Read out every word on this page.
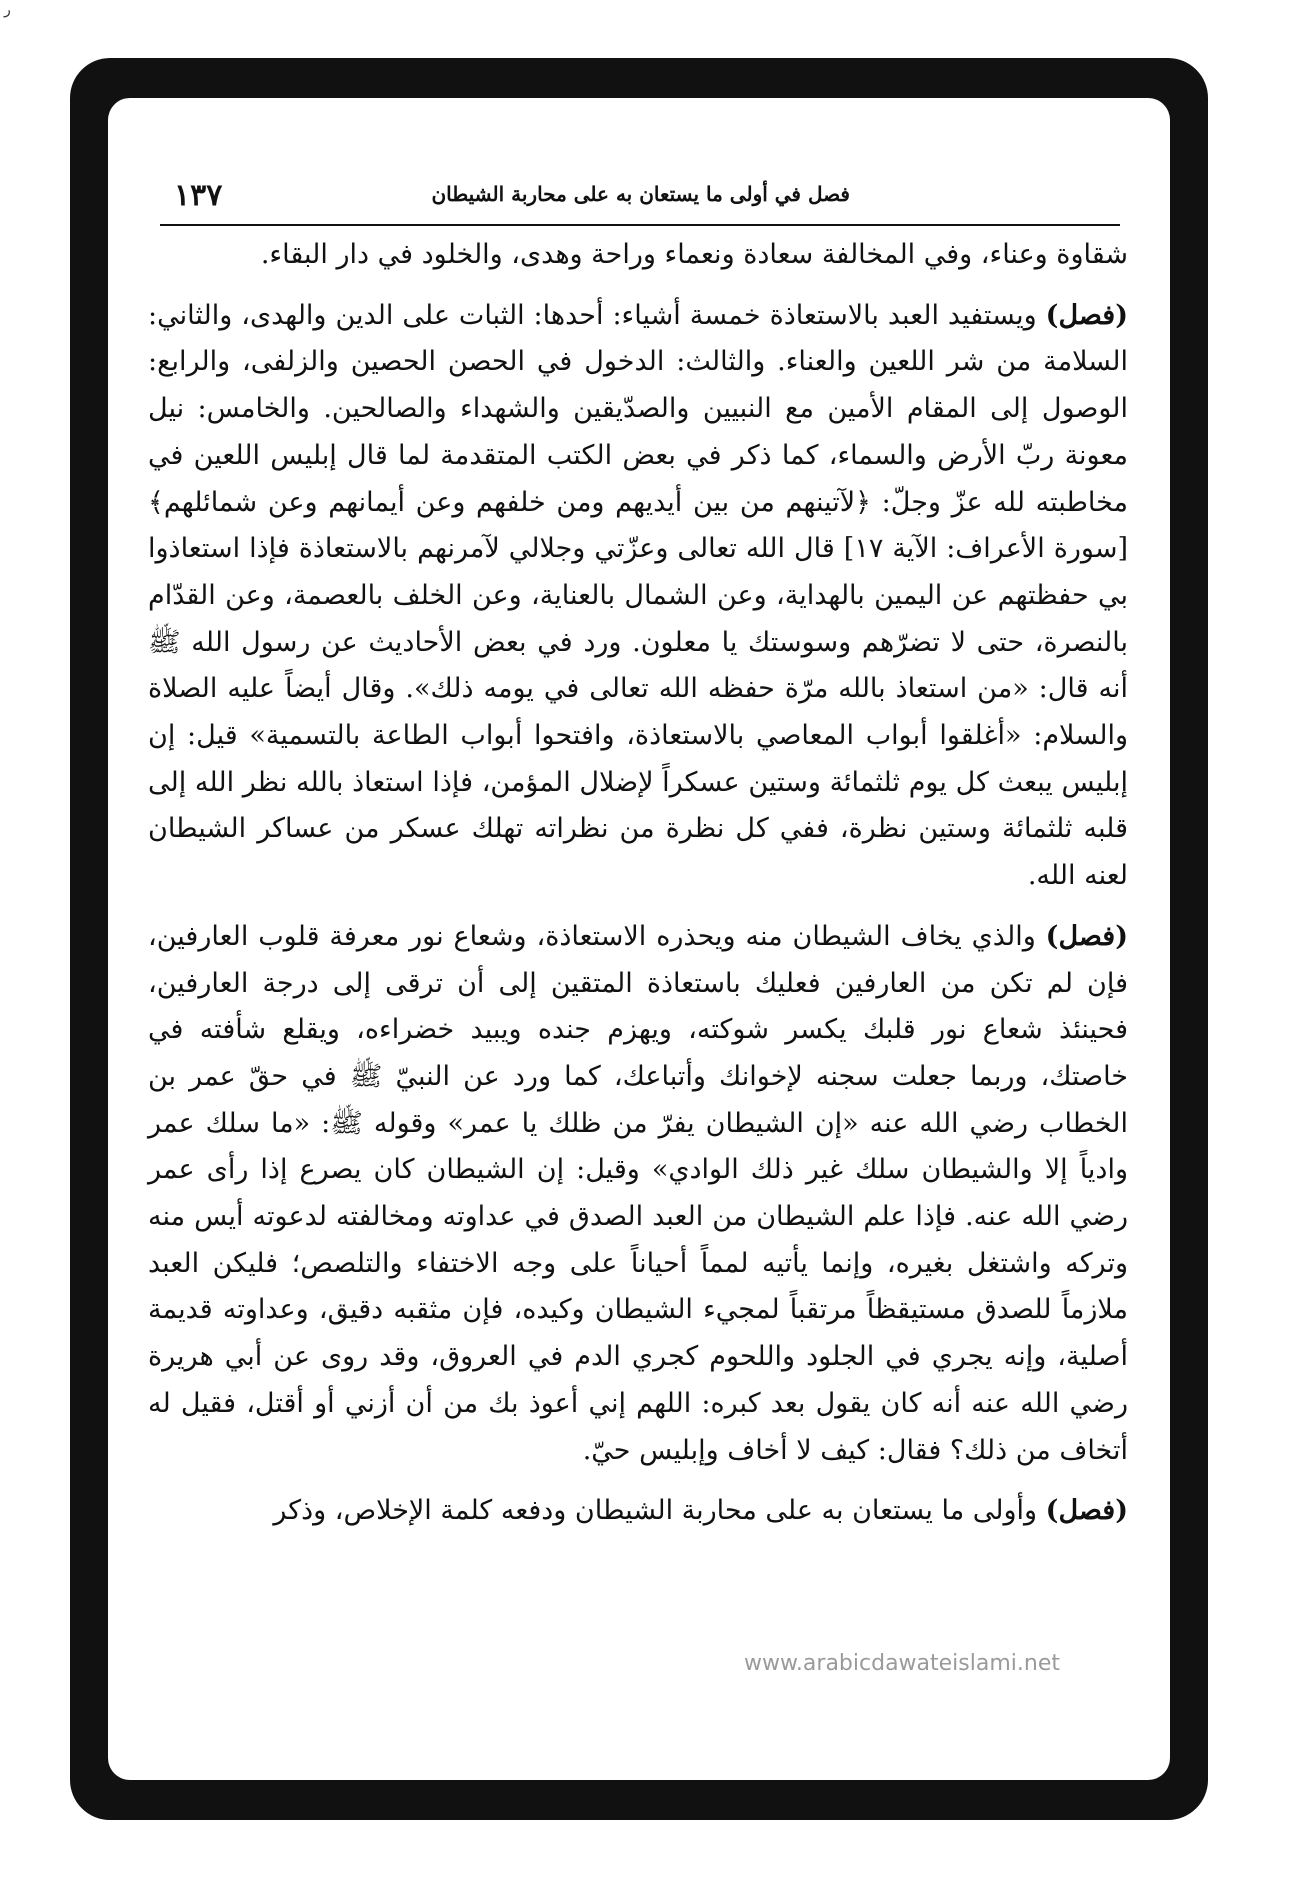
ر
فصل في أولى ما يستعان به على محاربة الشيطان
١٣٧

شقاوة وعناء، وفي المخالفة سعادة ونعماء وراحة وهدى، والخلود في دار البقاء.

(فصل) ويستفيد العبد بالاستعاذة خمسة أشياء: أحدها: الثبات على الدين والهدى، والثاني: السلامة من شر اللعين والعناء. والثالث: الدخول في الحصن الحصين والزلفى، والرابع: الوصول إلى المقام الأمين مع النبيين والصدّيقين والشهداء والصالحين. والخامس: نيل معونة ربّ الأرض والسماء، كما ذكر في بعض الكتب المتقدمة لما قال إبليس اللعين في مخاطبته لله عزّ وجلّ: ﴿لآتينهم من بين أيديهم ومن خلفهم وعن أيمانهم وعن شمائلهم﴾ [سورة الأعراف: الآية ١٧] قال الله تعالى وعزّتي وجلالي لآمرنهم بالاستعاذة فإذا استعاذوا بي حفظتهم عن اليمين بالهداية، وعن الشمال بالعناية، وعن الخلف بالعصمة، وعن القدّام بالنصرة، حتى لا تضرّهم وسوستك يا معلون. ورد في بعض الأحاديث عن رسول الله ﷺ أنه قال: «من استعاذ بالله مرّة حفظه الله تعالى في يومه ذلك». وقال أيضاً عليه الصلاة والسلام: «أغلقوا أبواب المعاصي بالاستعاذة، وافتحوا أبواب الطاعة بالتسمية» قيل: إن إبليس يبعث كل يوم ثلثمائة وستين عسكراً لإضلال المؤمن، فإذا استعاذ بالله نظر الله إلى قلبه ثلثمائة وستين نظرة، ففي كل نظرة من نظراته تهلك عسكر من عساكر الشيطان لعنه الله.

(فصل) والذي يخاف الشيطان منه ويحذره الاستعاذة، وشعاع نور معرفة قلوب العارفين، فإن لم تكن من العارفين فعليك باستعاذة المتقين إلى أن ترقى إلى درجة العارفين، فحينئذ شعاع نور قلبك يكسر شوكته، ويهزم جنده ويبيد خضراءه، ويقلع شأفته في خاصتك، وربما جعلت سجنه لإخوانك وأتباعك، كما ورد عن النبيّ ﷺ في حقّ عمر بن الخطاب رضي الله عنه «إن الشيطان يفرّ من ظلك يا عمر» وقوله ﷺ: «ما سلك عمر وادياً إلا والشيطان سلك غير ذلك الوادي» وقيل: إن الشيطان كان يصرع إذا رأى عمر رضي الله عنه. فإذا علم الشيطان من العبد الصدق في عداوته ومخالفته لدعوته أيس منه وتركه واشتغل بغيره، وإنما يأتيه لمماً أحياناً على وجه الاختفاء والتلصص؛ فليكن العبد ملازماً للصدق مستيقظاً مرتقباً لمجيء الشيطان وكيده، فإن مثقبه دقيق، وعداوته قديمة أصلية، وإنه يجري في الجلود واللحوم كجري الدم في العروق، وقد روى عن أبي هريرة رضي الله عنه أنه كان يقول بعد كبره: اللهم إني أعوذ بك من أن أزني أو أقتل، فقيل له أتخاف من ذلك؟ فقال: كيف لا أخاف وإبليس حيّ.

(فصل) وأولى ما يستعان به على محاربة الشيطان ودفعه كلمة الإخلاص، وذكر

www.arabicdawateislami.net
